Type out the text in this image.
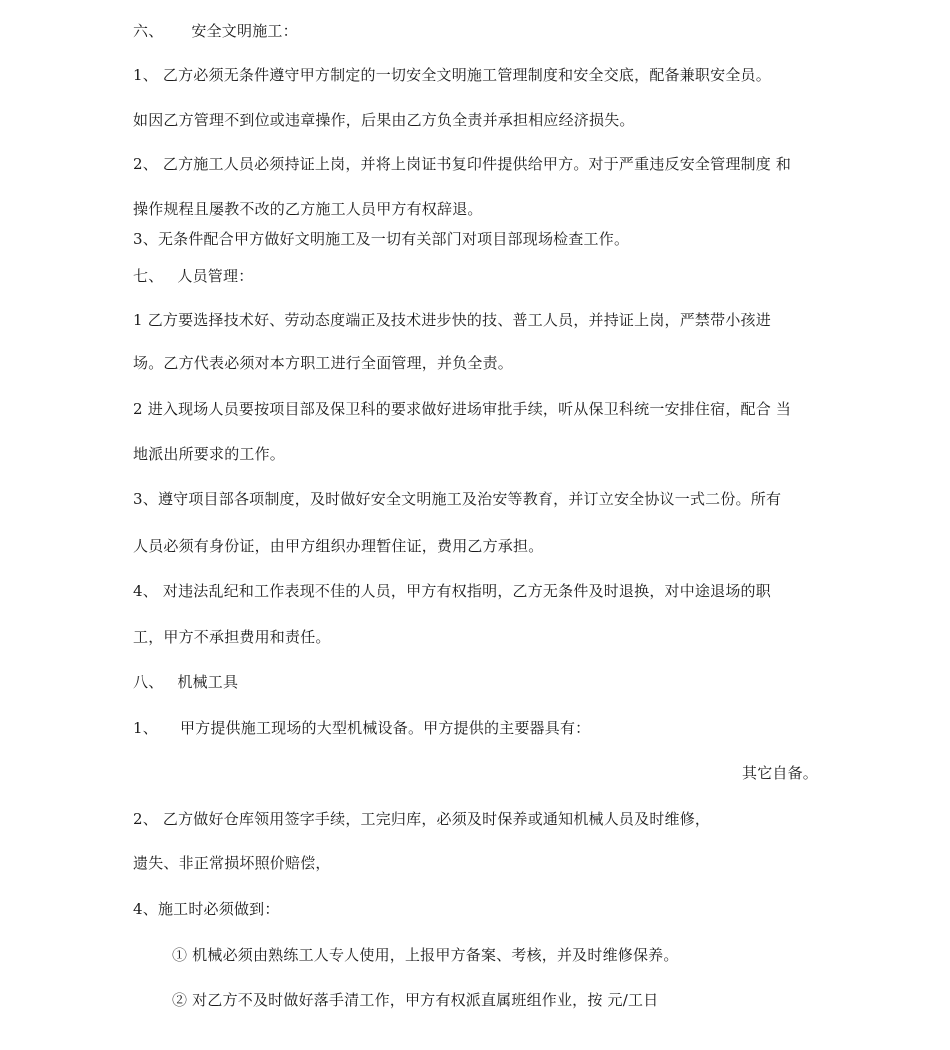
六、 安全文明施工：
1、 乙方必须无条件遵守甲方制定的一切安全文明施工管理制度和安全交底，配备兼职安全员。
如因乙方管理不到位或违章操作，后果由乙方负全责并承担相应经济损失。
2、 乙方施工人员必须持证上岗，并将上岗证书复印件提供给甲方。对于严重违反安全管理制度 和
操作规程且屡教不改的乙方施工人员甲方有权辞退。
3、无条件配合甲方做好文明施工及一切有关部门对项目部现场检查工作。
七、 人员管理：
1 乙方要选择技术好、劳动态度端正及技术进步快的技、普工人员，并持证上岗，严禁带小孩进
场。乙方代表必须对本方职工进行全面管理，并负全责。
2 进入现场人员要按项目部及保卫科的要求做好进场审批手续，听从保卫科统一安排住宿，配合 当
地派出所要求的工作。
3、遵守项目部各项制度，及时做好安全文明施工及治安等教育，并订立安全协议一式二份。所有
人员必须有身份证，由甲方组织办理暂住证，费用乙方承担。
4、 对违法乱纪和工作表现不佳的人员，甲方有权指明，乙方无条件及时退换，对中途退场的职
工，甲方不承担费用和责任。
八、 机械工具
1、 甲方提供施工现场的大型机械设备。甲方提供的主要器具有：
其它自备。
2、 乙方做好仓库领用签字手续，工完归库，必须及时保养或通知机械人员及时维修，
遗失、非正常损坏照价赔偿，
4、施工时必须做到：
① 机械必须由熟练工人专人使用，上报甲方备案、考核，并及时维修保养。
② 对乙方不及时做好落手清工作，甲方有权派直属班组作业，按 元/工日
